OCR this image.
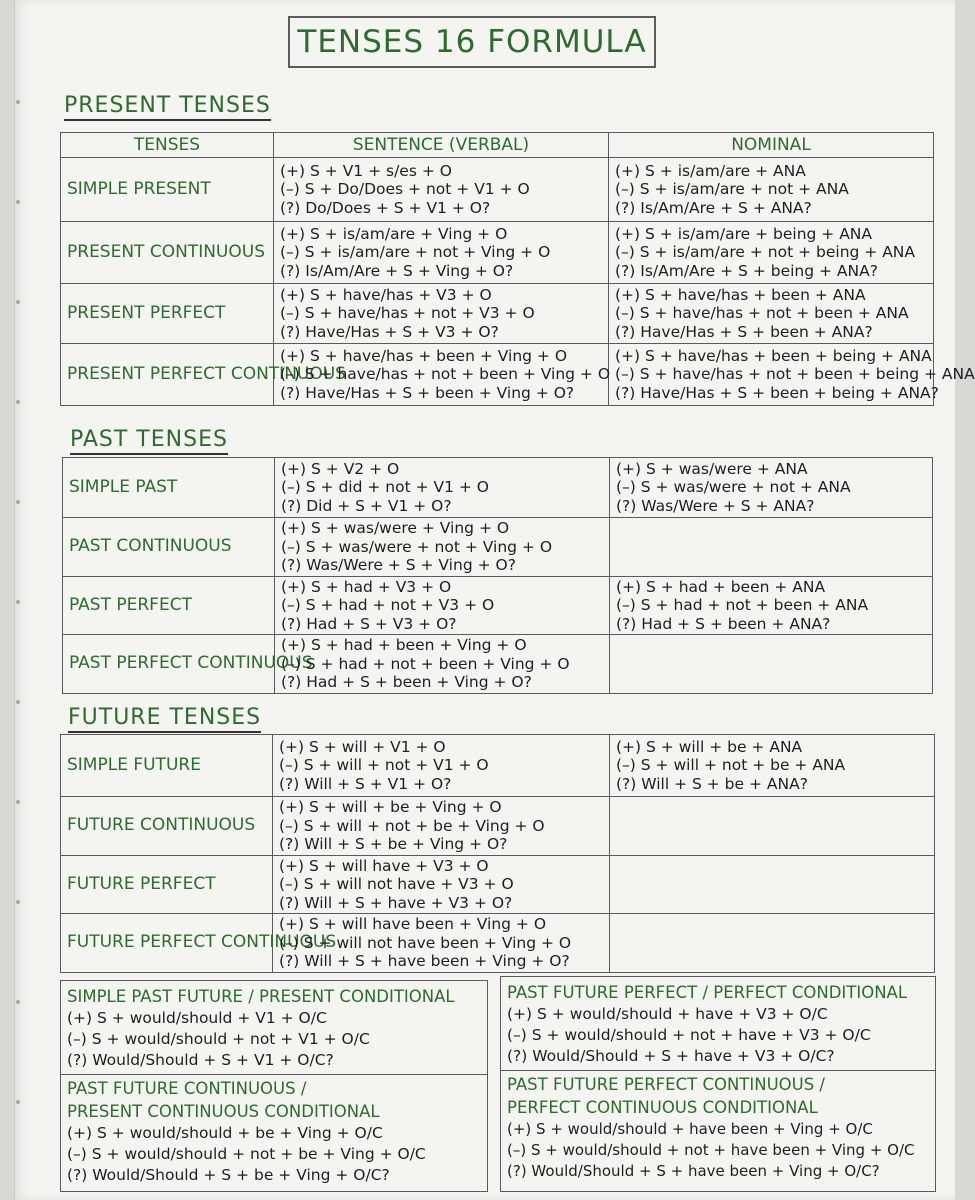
TENSES 16 FORMULA
PRESENT TENSES
TENSES	SENTENCE (VERBAL)	NOMINAL
SIMPLE PRESENT	(+) S + V1 + s/es + O
(–) S + Do/Does + not + V1 + O
(?) Do/Does + S + V1 + O?	(+) S + is/am/are + ANA
(–) S + is/am/are + not + ANA
(?) Is/Am/Are + S + ANA?

PRESENT CONTINUOUS	(+) S + is/am/are + Ving + O
(–) S + is/am/are + not + Ving + O
(?) Is/Am/Are + S + Ving + O?	(+) S + is/am/are + being + ANA
(–) S + is/am/are + not + being + ANA
(?) Is/Am/Are + S + being + ANA?

PRESENT PERFECT	(+) S + have/has + V3 + O
(–) S + have/has + not + V3 + O
(?) Have/Has + S + V3 + O?	(+) S + have/has + been + ANA
(–) S + have/has + not + been + ANA
(?) Have/Has + S + been + ANA?

PRESENT PERFECT CONTINUOUS	(+) S + have/has + been + Ving + O
(–) S + have/has + not + been + Ving + O
(?) Have/Has + S + been + Ving + O?	(+) S + have/has + been + being + ANA
(–) S + have/has + not + been + being + ANA
(?) Have/Has + S + been + being + ANA?
PAST TENSES
SIMPLE PAST	(+) S + V2 + O
(–) S + did + not + V1 + O
(?) Did + S + V1 + O?	(+) S + was/were + ANA
(–) S + was/were + not + ANA
(?) Was/Were + S + ANA?

PAST CONTINUOUS	(+) S + was/were + Ving + O
(–) S + was/were + not + Ving + O
(?) Was/Were + S + Ving + O?	

PAST PERFECT	(+) S + had + V3 + O
(–) S + had + not + V3 + O
(?) Had + S + V3 + O?	(+) S + had + been + ANA
(–) S + had + not + been + ANA
(?) Had + S + been + ANA?

PAST PERFECT CONTINUOUS	(+) S + had + been + Ving + O
(–) S + had + not + been + Ving + O
(?) Had + S + been + Ving + O?	

FUTURE TENSES
SIMPLE FUTURE	(+) S + will + V1 + O
(–) S + will + not + V1 + O
(?) Will + S + V1 + O?	(+) S + will + be + ANA
(–) S + will + not + be + ANA
(?) Will + S + be + ANA?

FUTURE CONTINUOUS	(+) S + will + be + Ving + O
(–) S + will + not + be + Ving + O
(?) Will + S + be + Ving + O?	

FUTURE PERFECT	(+) S + will have + V3 + O
(–) S + will not have + V3 + O
(?) Will + S + have + V3 + O?	

FUTURE PERFECT CONTINUOUS	(+) S + will have been + Ving + O
(–) S + will not have been + Ving + O
(?) Will + S + have been + Ving + O?	

SIMPLE PAST FUTURE / PRESENT CONDITIONAL
(+) S + would/should + V1 + O/C
(–) S + would/should + not + V1 + O/C
(?) Would/Should + S + V1 + O/C?
PAST FUTURE CONTINUOUS /
PRESENT CONTINUOUS CONDITIONAL
(+) S + would/should + be + Ving + O/C
(–) S + would/should + not + be + Ving + O/C
(?) Would/Should + S + be + Ving + O/C?
PAST FUTURE PERFECT / PERFECT CONDITIONAL
(+) S + would/should + have + V3 + O/C
(–) S + would/should + not + have + V3 + O/C
(?) Would/Should + S + have + V3 + O/C?
PAST FUTURE PERFECT CONTINUOUS /
PERFECT CONTINUOUS CONDITIONAL
(+) S + would/should + have been + Ving + O/C
(–) S + would/should + not + have been + Ving + O/C
(?) Would/Should + S + have been + Ving + O/C?
